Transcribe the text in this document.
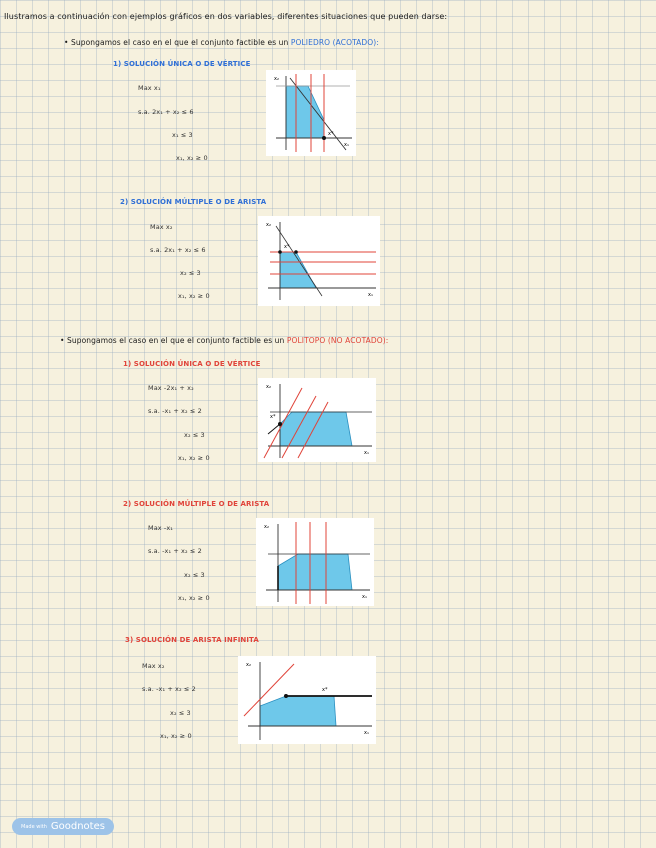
Ilustramos a continuación con ejemplos gráficos en dos variables, diferentes situaciones que pueden darse:
• Supongamos el caso en el que el conjunto factible es un POLIEDRO (ACOTADO):
1) SOLUCIÓN ÚNICA O DE VÉRTICE
Max x₁
s.a. 2x₁ + x₂ ≤ 6
x₁ ≤ 3
x₁, x₂ ≥ 0
x*
x₂
x₁
2) SOLUCIÓN MÚLTIPLE O DE ARISTA
Max x₂
s.a. 2x₁ + x₂ ≤ 6
x₂ ≤ 3
x₁, x₂ ≥ 0
x*
x₂
x₁
• Supongamos el caso en el que el conjunto factible es un POLITOPO (NO ACOTADO):
1) SOLUCIÓN ÚNICA O DE VÉRTICE
Max -2x₁ + x₂
s.a. -x₁ + x₂ ≤ 2
x₂ ≤ 3
x₁, x₂ ≥ 0
x*
x₂
x₁
2) SOLUCIÓN MÚLTIPLE O DE ARISTA
Max -x₁
s.a. -x₁ + x₂ ≤ 2
x₂ ≤ 3
x₁, x₂ ≥ 0
x₂
x₁
3) SOLUCIÓN DE ARISTA INFINITA
Max x₂
s.a. -x₁ + x₂ ≤ 2
x₂ ≤ 3
x₁, x₂ ≥ 0
x*
x₂
x₁
Made with Goodnotes
